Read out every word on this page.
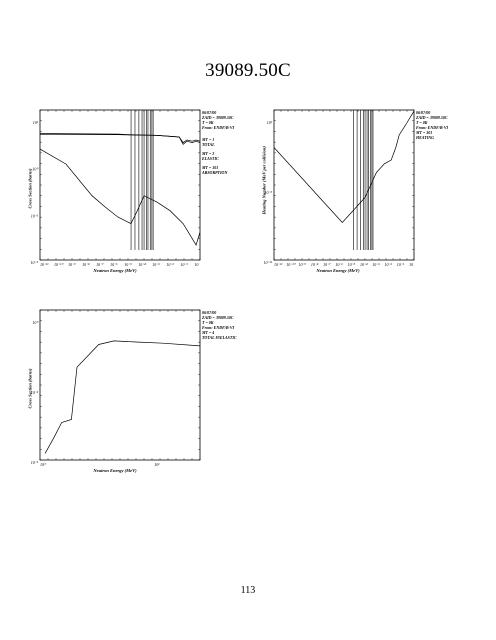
39089.50C
10⁻¹¹ 10⁻¹⁰	10⁻⁹ 10⁻⁸ 10⁻⁷ 10⁻⁶ 10⁻⁵ 10⁻⁴ 10⁻³ 10⁻² 10⁻¹ 10
10²
10⁰
10⁻²
10⁻⁵
Cross Section (barns)
Neutron Energy (MeV)
06/07/00
ZAID = 39089.50C
T = 0K
From: ENDF/B-VI
MT = 1
TOTAL
MT = 2
ELASTIC
MT = 101
ABSORPTION
10⁻¹¹ 10⁻¹⁰ 10⁻⁹ 10⁻⁸ 10⁻⁷ 10⁻⁶ 10⁻⁵ 10⁻⁴ 10⁻³ 10⁻² 10⁻¹ 10
10¹
10⁻⁵
10⁻¹¹
Heating Number (MeV per collision)
Neutron Energy (MeV)
06/07/00
ZAID = 39089.50C
T = 0K
From: ENDF/B-VI
MT = 301
HEATING
10⁰	10¹
10⁰
10⁻²
10⁻³
Cross Section (barns)
Neutron Energy (MeV)
06/07/00
ZAID = 39089.50C
T = 0K
From: ENDF/B-VI
MT = 4
TOTAL INELASTIC
113
